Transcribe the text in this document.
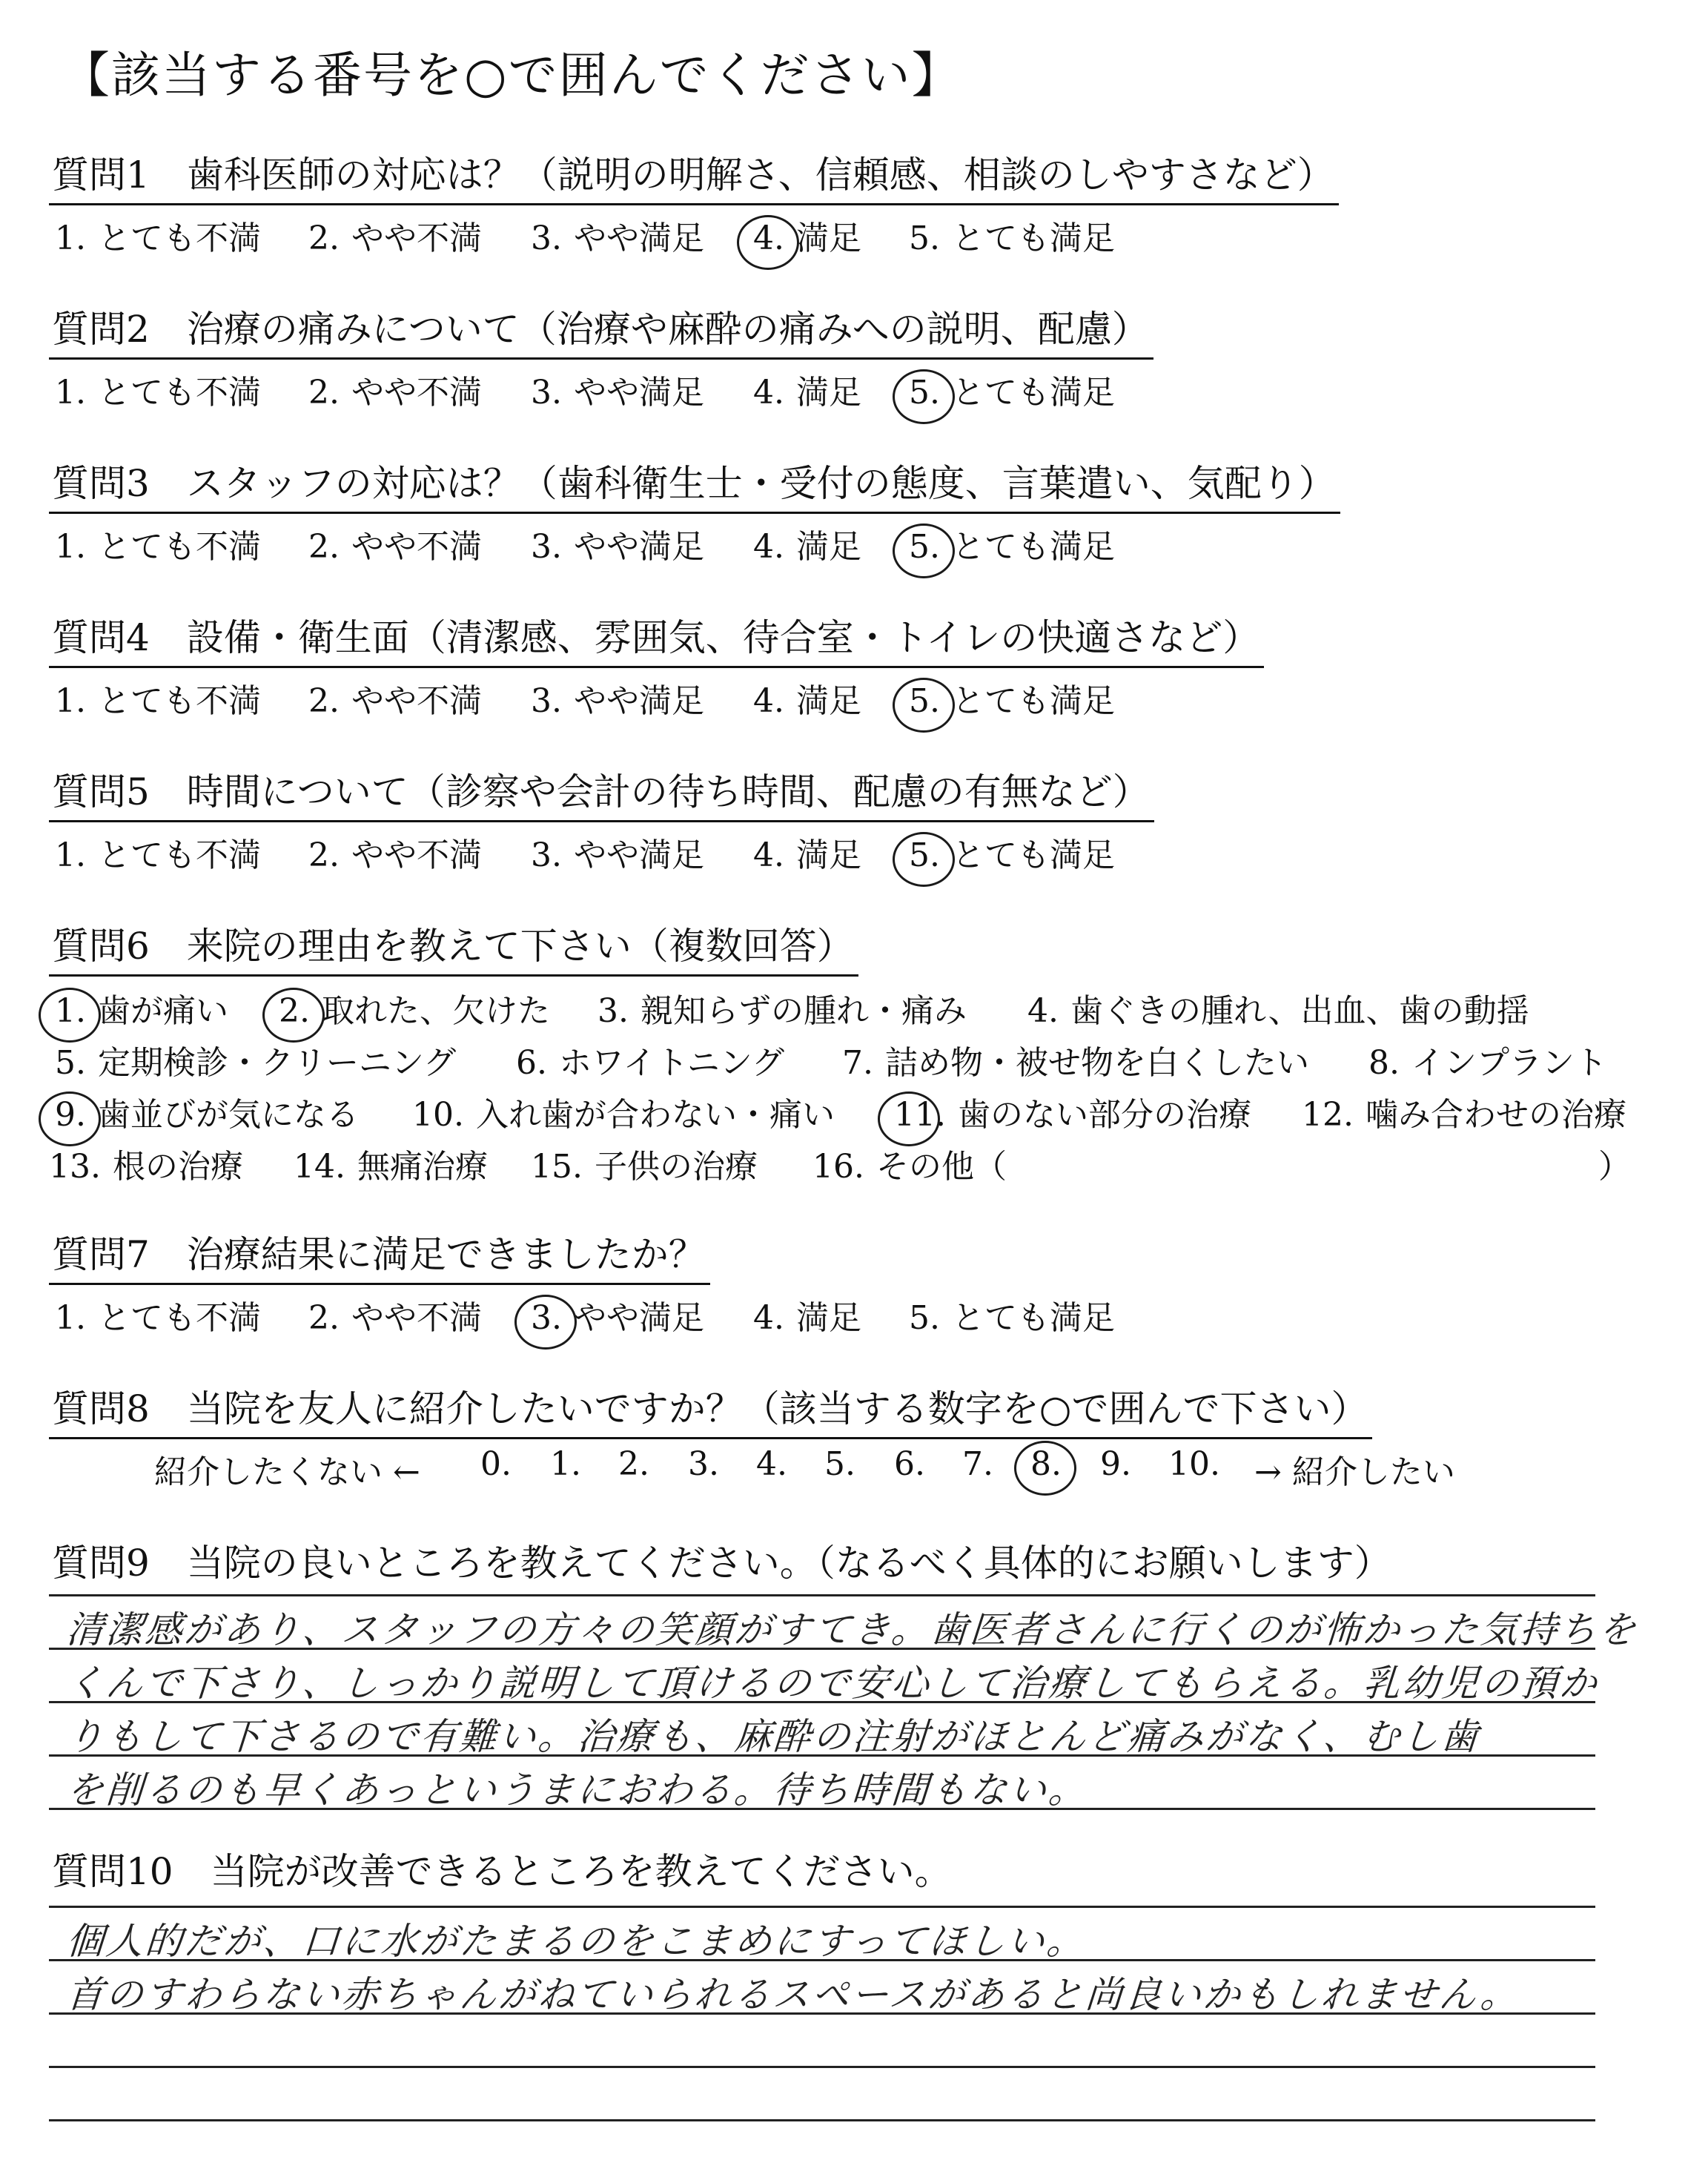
【該当する番号を○で囲んでください】
質問1　歯科医師の対応は？（説明の明解さ、信頼感、相談のしやすさなど）
1. とても不満 2. やや不満 3. やや満足 4. 満足 5. とても満足
質問2　治療の痛みについて（治療や麻酔の痛みへの説明、配慮）
1. とても不満 2. やや不満 3. やや満足 4. 満足 5. とても満足
質問3　スタッフの対応は？（歯科衛生士・受付の態度、言葉遣い、気配り）
1. とても不満 2. やや不満 3. やや満足 4. 満足 5. とても満足
質問4　設備・衛生面（清潔感、雰囲気、待合室・トイレの快適さなど）
1. とても不満 2. やや不満 3. やや満足 4. 満足 5. とても満足
質問5　時間について（診察や会計の待ち時間、配慮の有無など）
1. とても不満 2. やや不満 3. やや満足 4. 満足 5. とても満足
質問6　来院の理由を教えて下さい（複数回答）
1. 歯が痛い 2. 取れた、欠けた 3. 親知らずの腫れ・痛み 4. 歯ぐきの腫れ、出血、歯の動揺
5. 定期検診・クリーニング 6. ホワイトニング 7. 詰め物・被せ物を白くしたい 8. インプラント
9. 歯並びが気になる 10. 入れ歯が合わない・痛い 11. 歯のない部分の治療 12. 噛み合わせの治療
13. 根の治療 14. 無痛治療 15. 子供の治療 16. その他（	）
質問7　治療結果に満足できましたか？
1. とても不満 2. やや不満 3. やや満足 4. 満足 5. とても満足
質問8　当院を友人に紹介したいですか？（該当する数字を○で囲んで下さい）
紹介したくない ← 0.	1.	2.	3.	4.	5.	6.	7.	8.	9.	10.	→ 紹介したい
質問9　当院の良いところを教えてください。（なるべく具体的にお願いします）
清潔感があり、スタッフの方々の笑顔がすてき。歯医者さんに行くのが怖かった気持ちを
くんで下さり、しっかり説明して頂けるので安心して治療してもらえる。乳幼児の預か
りもして下さるので有難い。治療も、麻酔の注射がほとんど痛みがなく、むし歯
を削るのも早くあっというまにおわる。待ち時間もない。
質問10　当院が改善できるところを教えてください。
個人的だが、口に水がたまるのをこまめにすってほしい。
首のすわらない赤ちゃんがねていられるスペースがあると尚良いかもしれません。
